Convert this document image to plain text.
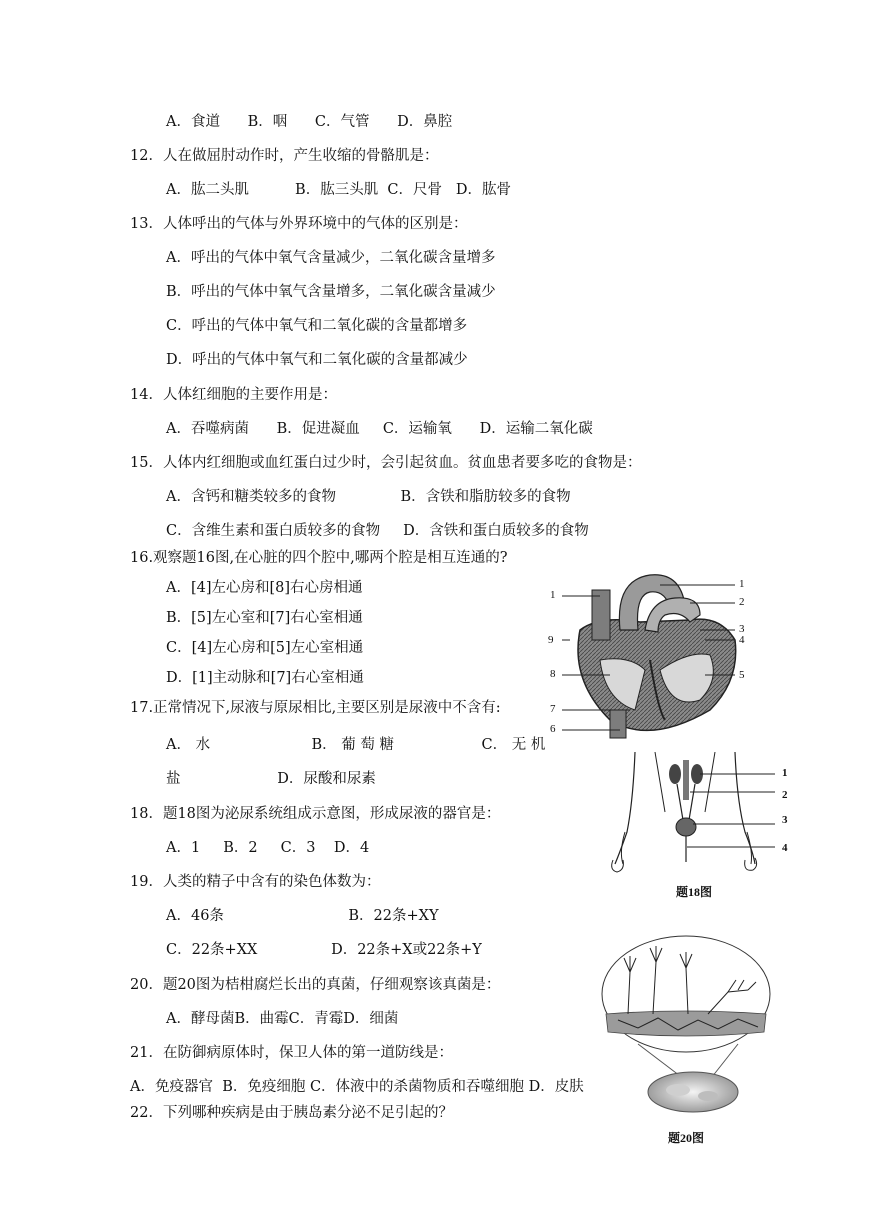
A．食道      B．咽      C．气管      D．鼻腔
12．人在做屈肘动作时，产生收缩的骨骼肌是：
A．肱二头肌          B．肱三头肌  C．尺骨   D．肱骨
13．人体呼出的气体与外界环境中的气体的区别是：
A．呼出的气体中氧气含量减少，二氧化碳含量增多
B．呼出的气体中氧气含量增多，二氧化碳含量减少
C．呼出的气体中氧气和二氧化碳的含量都增多
D．呼出的气体中氧气和二氧化碳的含量都减少
14．人体红细胞的主要作用是：
A．吞噬病菌      B．促进凝血     C．运输氧      D．运输二氧化碳
15．人体内红细胞或血红蛋白过少时，会引起贫血。贫血患者要多吃的食物是：
A．含钙和糖类较多的食物              B．含铁和脂肪较多的食物
C．含维生素和蛋白质较多的食物     D．含铁和蛋白质较多的食物
16.观察题16图,在心脏的四个腔中,哪两个腔是相互连通的?
A．[4]左心房和[8]右心房相通
B．[5]左心室和[7]右心室相通
C．[4]左心房和[5]左心室相通
D．[1]主动脉和[7]右心室相通
17.正常情况下,尿液与原尿相比,主要区别是尿液中不含有:
A． 水                      B． 葡 萄 糖                   C． 无 机
盐                     D．尿酸和尿素
18．题18图为泌尿系统组成示意图，形成尿液的器官是：
A．1     B．2     C．3    D．4
19．人类的精子中含有的染色体数为：
A．46条                           B．22条+XY
C．22条+XX                D．22条+X或22条+Y
20．题20图为桔柑腐烂长出的真菌，仔细观察该真菌是：
A．酵母菌B．曲霉C．青霉D．细菌
21．在防御病原体时，保卫人体的第一道防线是：
A．免疫器官  B．免疫细胞 C．体液中的杀菌物质和吞噬细胞 D．皮肤
22．下列哪种疾病是由于胰岛素分泌不足引起的？
1
2
3
4
5
6
7
8
9
1
1
2
3
4
题18图
题20图
